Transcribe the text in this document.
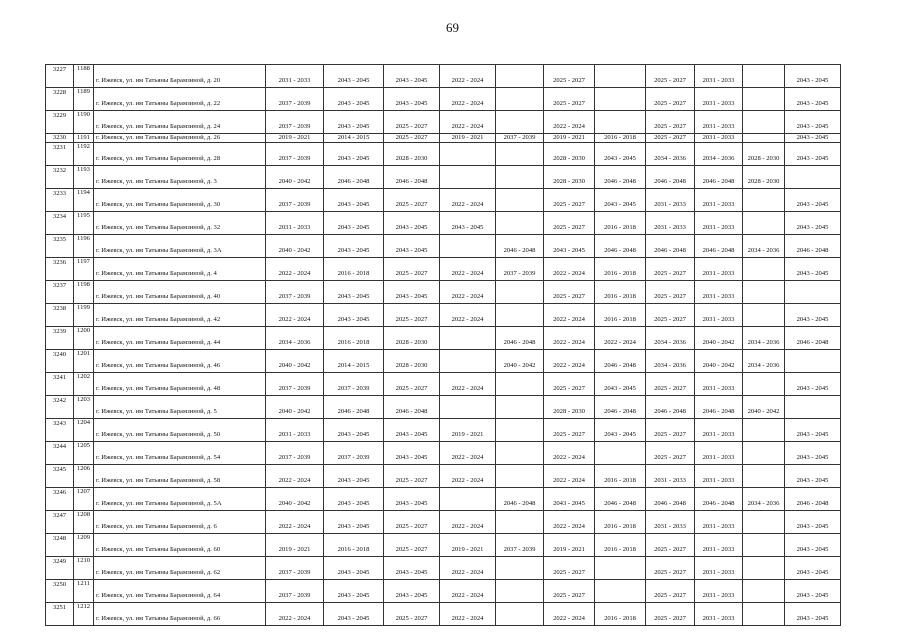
69
3227	1188	г. Ижевск, ул. им Татьяны Барамзиной, д. 20	2031 - 2033	2043 - 2045	2043 - 2045	2022 - 2024		2025 - 2027		2025 - 2027	2031 - 2033		2043 - 2045
3228	1189	г. Ижевск, ул. им Татьяны Барамзиной, д. 22	2037 - 2039	2043 - 2045	2043 - 2045	2022 - 2024		2025 - 2027		2025 - 2027	2031 - 2033		2043 - 2045
3229	1190	г. Ижевск, ул. им Татьяны Барамзиной, д. 24	2037 - 2039	2043 - 2045	2025 - 2027	2022 - 2024		2022 - 2024		2025 - 2027	2031 - 2033		2043 - 2045
3230	1191	г. Ижевск, ул. им Татьяны Барамзиной, д. 26	2019 - 2021	2014 - 2015	2025 - 2027	2019 - 2021	2037 - 2039	2019 - 2021	2016 - 2018	2025 - 2027	2031 - 2033		2043 - 2045
3231	1192	г. Ижевск, ул. им Татьяны Барамзиной, д. 28	2037 - 2039	2043 - 2045	2028 - 2030			2028 - 2030	2043 - 2045	2034 - 2036	2034 - 2036	2028 - 2030	2043 - 2045
3232	1193	г. Ижевск, ул. им Татьяны Барамзиной, д. 3	2040 - 2042	2046 - 2048	2046 - 2048			2028 - 2030	2046 - 2048	2046 - 2048	2046 - 2048	2028 - 2030	
3233	1194	г. Ижевск, ул. им Татьяны Барамзиной, д. 30	2037 - 2039	2043 - 2045	2025 - 2027	2022 - 2024		2025 - 2027	2043 - 2045	2031 - 2033	2031 - 2033		2043 - 2045
3234	1195	г. Ижевск, ул. им Татьяны Барамзиной, д. 32	2031 - 2033	2043 - 2045	2043 - 2045	2043 - 2045		2025 - 2027	2016 - 2018	2031 - 2033	2031 - 2033		2043 - 2045
3235	1196	г. Ижевск, ул. им Татьяны Барамзиной, д. 3А	2040 - 2042	2043 - 2045	2043 - 2045		2046 - 2048	2043 - 2045	2046 - 2048	2046 - 2048	2046 - 2048	2034 - 2036	2046 - 2048
3236	1197	г. Ижевск, ул. им Татьяны Барамзиной, д. 4	2022 - 2024	2016 - 2018	2025 - 2027	2022 - 2024	2037 - 2039	2022 - 2024	2016 - 2018	2025 - 2027	2031 - 2033		2043 - 2045
3237	1198	г. Ижевск, ул. им Татьяны Барамзиной, д. 40	2037 - 2039	2043 - 2045	2043 - 2045	2022 - 2024		2025 - 2027	2016 - 2018	2025 - 2027	2031 - 2033		
3238	1199	г. Ижевск, ул. им Татьяны Барамзиной, д. 42	2022 - 2024	2043 - 2045	2025 - 2027	2022 - 2024		2022 - 2024	2016 - 2018	2025 - 2027	2031 - 2033		2043 - 2045
3239	1200	г. Ижевск, ул. им Татьяны Барамзиной, д. 44	2034 - 2036	2016 - 2018	2028 - 2030		2046 - 2048	2022 - 2024	2022 - 2024	2034 - 2036	2040 - 2042	2034 - 2036	2046 - 2048
3240	1201	г. Ижевск, ул. им Татьяны Барамзиной, д. 46	2040 - 2042	2014 - 2015	2028 - 2030		2040 - 2042	2022 - 2024	2046 - 2048	2034 - 2036	2040 - 2042	2034 - 2036	
3241	1202	г. Ижевск, ул. им Татьяны Барамзиной, д. 48	2037 - 2039	2037 - 2039	2025 - 2027	2022 - 2024		2025 - 2027	2043 - 2045	2025 - 2027	2031 - 2033		2043 - 2045
3242	1203	г. Ижевск, ул. им Татьяны Барамзиной, д. 5	2040 - 2042	2046 - 2048	2046 - 2048			2028 - 2030	2046 - 2048	2046 - 2048	2046 - 2048	2040 - 2042	
3243	1204	г. Ижевск, ул. им Татьяны Барамзиной, д. 50	2031 - 2033	2043 - 2045	2043 - 2045	2019 - 2021		2025 - 2027	2043 - 2045	2025 - 2027	2031 - 2033		2043 - 2045
3244	1205	г. Ижевск, ул. им Татьяны Барамзиной, д. 54	2037 - 2039	2037 - 2039	2043 - 2045	2022 - 2024		2022 - 2024		2025 - 2027	2031 - 2033		2043 - 2045
3245	1206	г. Ижевск, ул. им Татьяны Барамзиной, д. 58	2022 - 2024	2043 - 2045	2025 - 2027	2022 - 2024		2022 - 2024	2016 - 2018	2031 - 2033	2031 - 2033		2043 - 2045
3246	1207	г. Ижевск, ул. им Татьяны Барамзиной, д. 5А	2040 - 2042	2043 - 2045	2043 - 2045		2046 - 2048	2043 - 2045	2046 - 2048	2046 - 2048	2046 - 2048	2034 - 2036	2046 - 2048
3247	1208	г. Ижевск, ул. им Татьяны Барамзиной, д. 6	2022 - 2024	2043 - 2045	2025 - 2027	2022 - 2024		2022 - 2024	2016 - 2018	2031 - 2033	2031 - 2033		2043 - 2045
3248	1209	г. Ижевск, ул. им Татьяны Барамзиной, д. 60	2019 - 2021	2016 - 2018	2025 - 2027	2019 - 2021	2037 - 2039	2019 - 2021	2016 - 2018	2025 - 2027	2031 - 2033		2043 - 2045
3249	1210	г. Ижевск, ул. им Татьяны Барамзиной, д. 62	2037 - 2039	2043 - 2045	2043 - 2045	2022 - 2024		2025 - 2027		2025 - 2027	2031 - 2033		2043 - 2045
3250	1211	г. Ижевск, ул. им Татьяны Барамзиной, д. 64	2037 - 2039	2043 - 2045	2043 - 2045	2022 - 2024		2025 - 2027		2025 - 2027	2031 - 2033		2043 - 2045
3251	1212	г. Ижевск, ул. им Татьяны Барамзиной, д. 66	2022 - 2024	2043 - 2045	2025 - 2027	2022 - 2024		2022 - 2024	2016 - 2018	2025 - 2027	2031 - 2033		2043 - 2045
